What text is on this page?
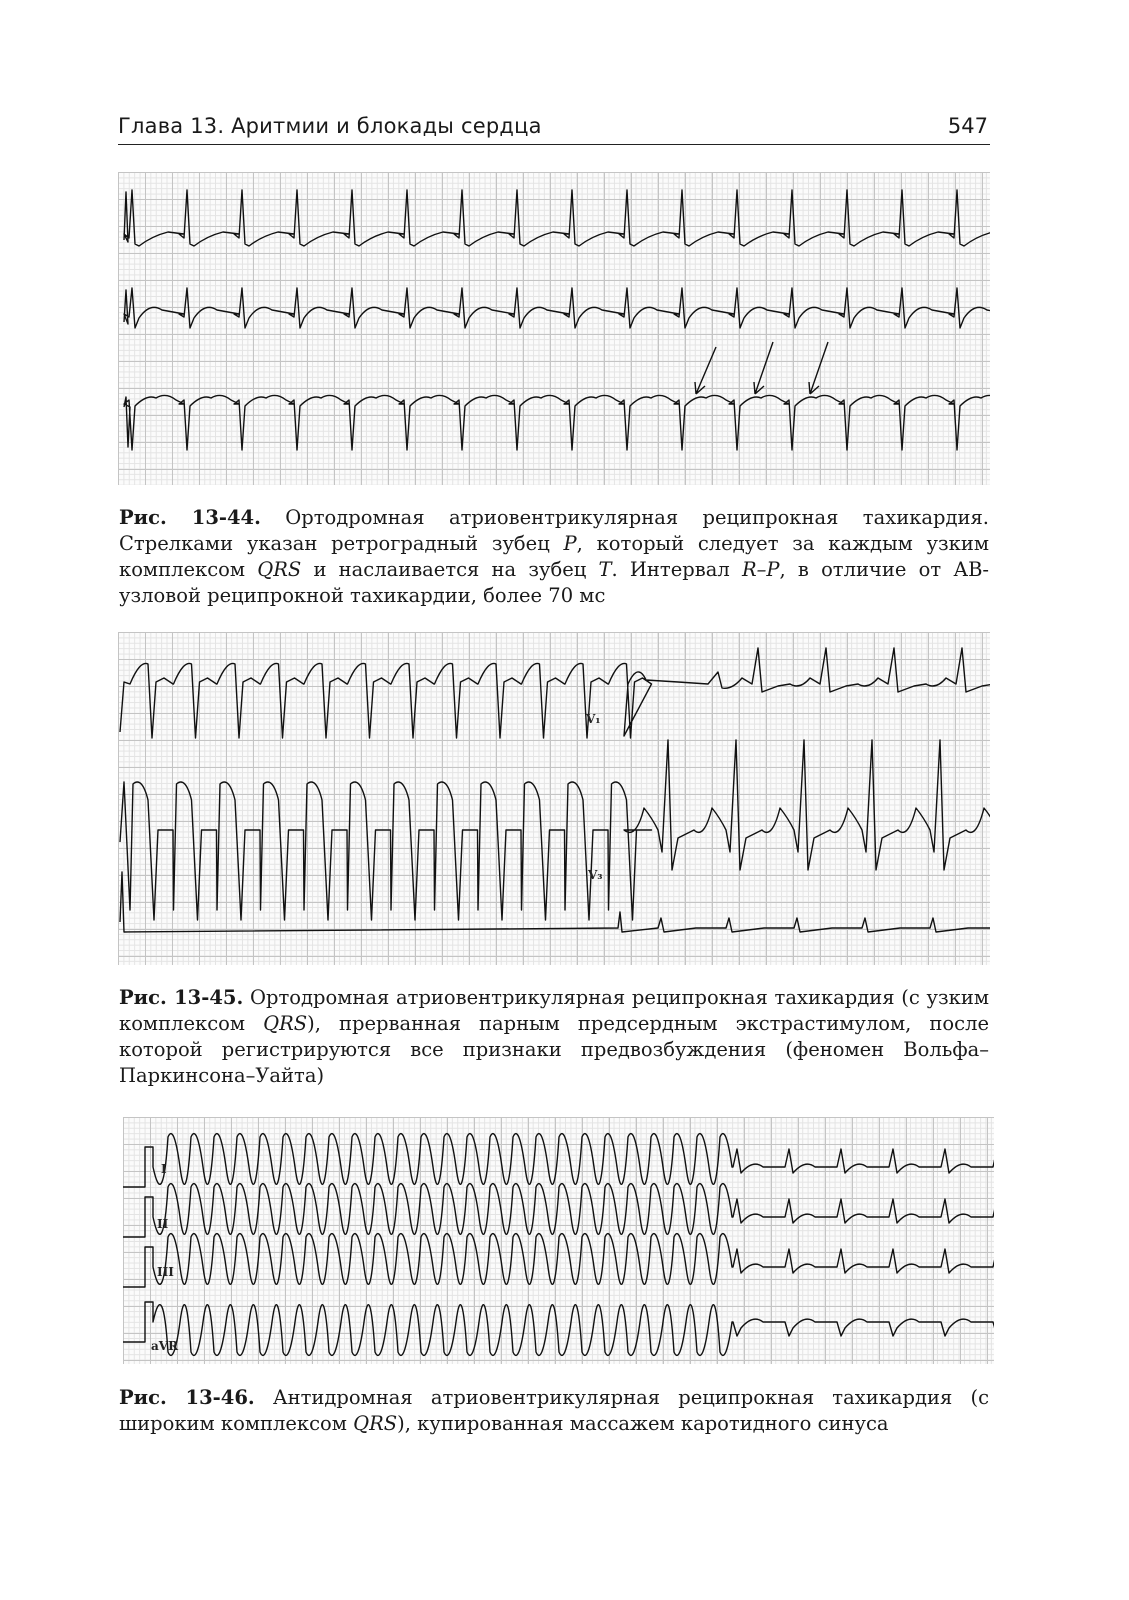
Глава 13. Аритмии и блокады сердца	547

Рис. 13-44. Ортодромная атриовентрикулярная реципрокная тахикардия. Стрелками указан ретроградный зубец P, который следует за каждым узким комплексом QRS и наслаивается на зубец T. Интервал R–P, в отличие от АВ-узловой реципрокной тахикардии, более 70 мс

V₁
V₃

Рис. 13-45. Ортодромная атриовентрикулярная реципрокная тахикардия (с узким комплексом QRS), прерванная парным предсердным экстрастимулом, после которой регистрируются все признаки предвозбуждения (феномен Вольфа–Паркинсона–Уайта)

I
II
III
aVR

Рис. 13-46. Антидромная атриовентрикулярная реципрокная тахикардия (с широким комплексом QRS), купированная массажем каротидного синуса
